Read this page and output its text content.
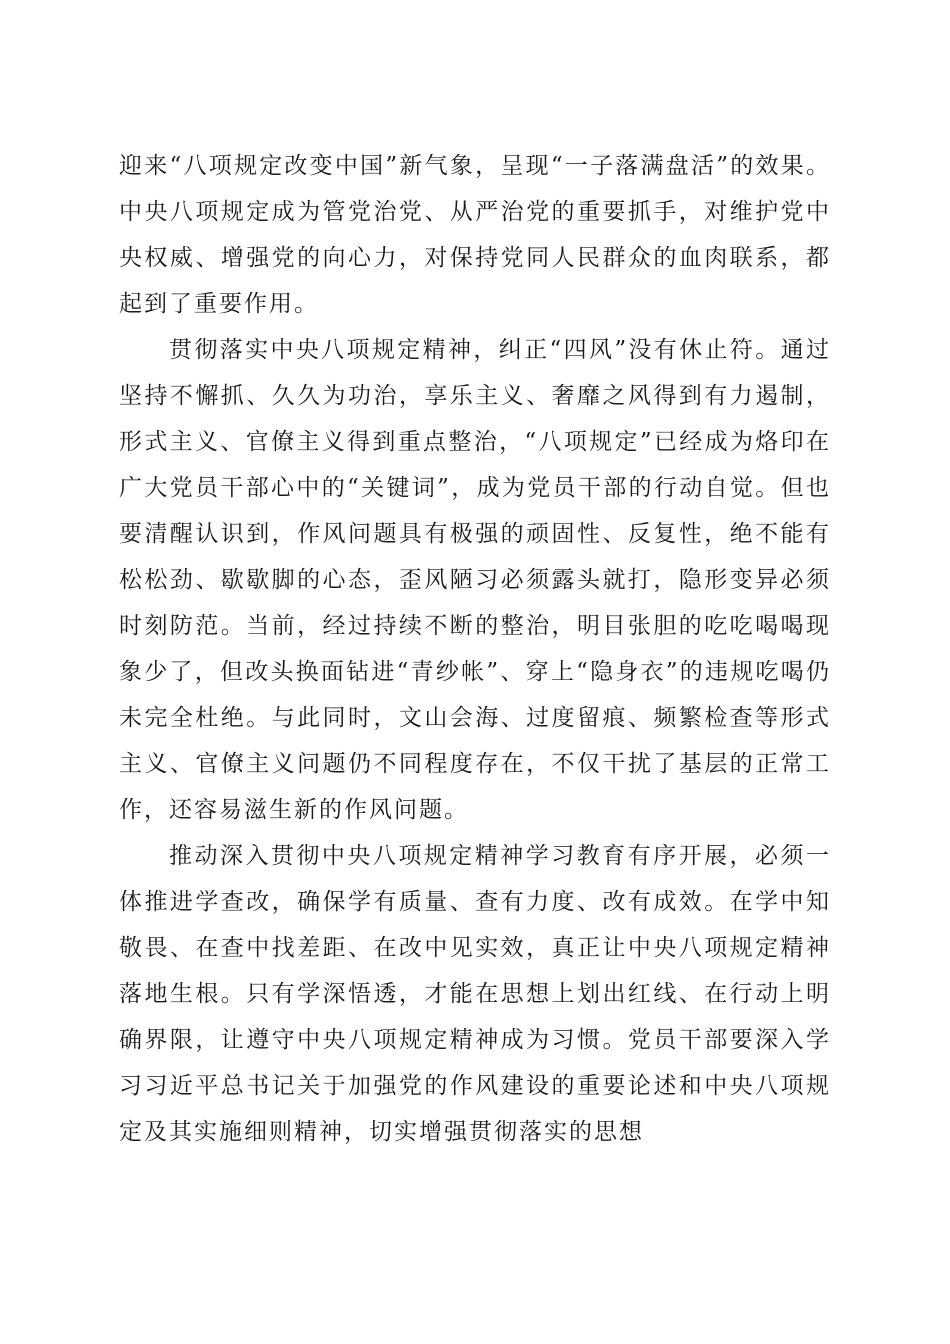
迎来“八项规定改变中国”新气象，呈现“一子落满盘活”的效果。中央八项规定成为管党治党、从严治党的重要抓手，对维护党中央权威、增强党的向心力，对保持党同人民群众的血肉联系，都起到了重要作用。

贯彻落实中央八项规定精神，纠正“四风”没有休止符。通过坚持不懈抓、久久为功治，享乐主义、奢靡之风得到有力遏制，形式主义、官僚主义得到重点整治，“八项规定”已经成为烙印在广大党员干部心中的“关键词”，成为党员干部的行动自觉。但也要清醒认识到，作风问题具有极强的顽固性、反复性，绝不能有松松劲、歇歇脚的心态，歪风陋习必须露头就打，隐形变异必须时刻防范。当前，经过持续不断的整治，明目张胆的吃吃喝喝现象少了，但改头换面钻进“青纱帐”、穿上“隐身衣”的违规吃喝仍未完全杜绝。与此同时，文山会海、过度留痕、频繁检查等形式主义、官僚主义问题仍不同程度存在，不仅干扰了基层的正常工作，还容易滋生新的作风问题。

推动深入贯彻中央八项规定精神学习教育有序开展，必须一体推进学查改，确保学有质量、查有力度、改有成效。在学中知敬畏、在查中找差距、在改中见实效，真正让中央八项规定精神落地生根。只有学深悟透，才能在思想上划出红线、在行动上明确界限，让遵守中央八项规定精神成为习惯。党员干部要深入学习习近平总书记关于加强党的作风建设的重要论述和中央八项规定及其实施细则精神，切实增强贯彻落实的思想
